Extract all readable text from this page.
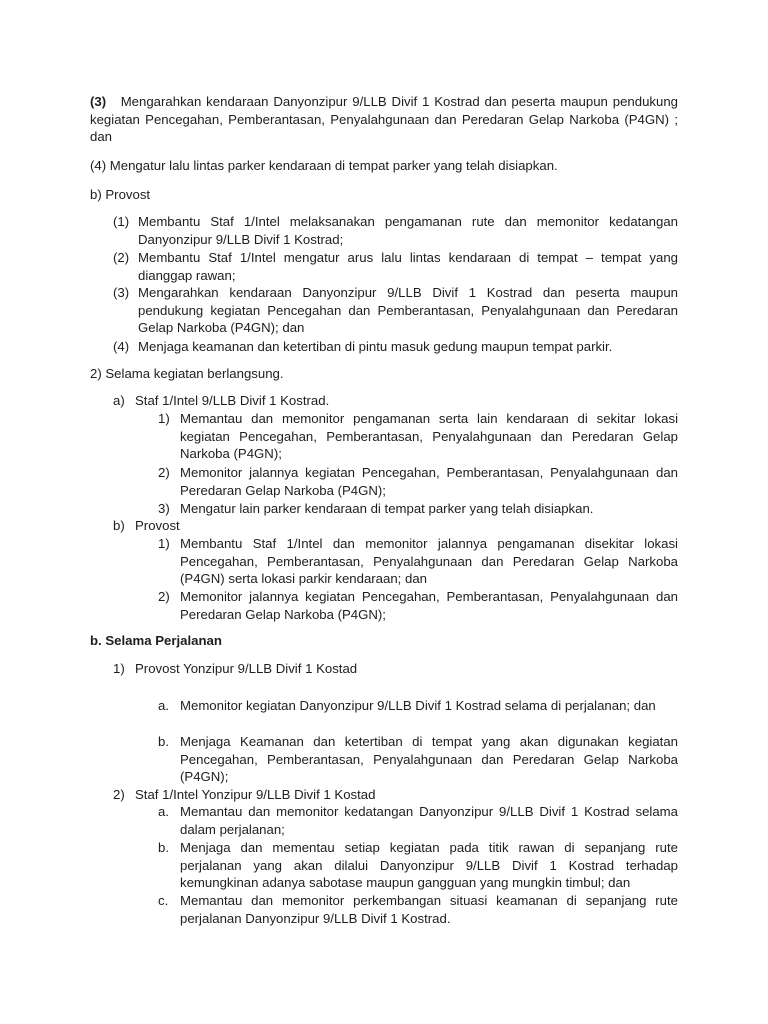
(3) Mengarahkan kendaraan Danyonzipur 9/LLB Divif 1 Kostrad dan peserta maupun pendukung kegiatan Pencegahan, Pemberantasan, Penyalahgunaan dan Peredaran Gelap Narkoba (P4GN) ; dan
(4) Mengatur lalu lintas parker kendaraan di tempat parker yang telah disiapkan.
b) Provost
(1) Membantu Staf 1/Intel melaksanakan pengamanan rute dan memonitor kedatangan Danyonzipur 9/LLB Divif 1 Kostrad;
(2) Membantu Staf 1/Intel mengatur arus lalu lintas kendaraan di tempat – tempat yang dianggap rawan;
(3) Mengarahkan kendaraan Danyonzipur 9/LLB Divif 1 Kostrad dan peserta maupun pendukung kegiatan Pencegahan dan Pemberantasan, Penyalahgunaan dan Peredaran Gelap Narkoba (P4GN); dan
(4) Menjaga keamanan dan ketertiban di pintu masuk gedung maupun tempat parkir.
2) Selama kegiatan berlangsung.
a) Staf 1/Intel 9/LLB Divif 1 Kostrad.
1) Memantau dan memonitor pengamanan serta lain kendaraan di sekitar lokasi kegiatan Pencegahan, Pemberantasan, Penyalahgunaan dan Peredaran Gelap Narkoba (P4GN);
2) Memonitor jalannya kegiatan Pencegahan, Pemberantasan, Penyalahgunaan dan Peredaran Gelap Narkoba (P4GN);
3) Mengatur lain parker kendaraan di tempat parker yang telah disiapkan.
b) Provost
1) Membantu Staf 1/Intel dan memonitor jalannya pengamanan disekitar lokasi Pencegahan, Pemberantasan, Penyalahgunaan dan Peredaran Gelap Narkoba (P4GN) serta lokasi parkir kendaraan; dan
2) Memonitor jalannya kegiatan Pencegahan, Pemberantasan, Penyalahgunaan dan Peredaran Gelap Narkoba (P4GN);
b. Selama Perjalanan
1) Provost Yonzipur 9/LLB Divif 1 Kostad
a. Memonitor kegiatan Danyonzipur 9/LLB Divif 1 Kostrad selama di perjalanan; dan
b. Menjaga Keamanan dan ketertiban di tempat yang akan digunakan kegiatan Pencegahan, Pemberantasan, Penyalahgunaan dan Peredaran Gelap Narkoba (P4GN);
2) Staf 1/Intel Yonzipur 9/LLB Divif 1 Kostad
a. Memantau dan memonitor kedatangan Danyonzipur 9/LLB Divif 1 Kostrad selama dalam perjalanan;
b. Menjaga dan mementau setiap kegiatan pada titik rawan di sepanjang rute perjalanan yang akan dilalui Danyonzipur 9/LLB Divif 1 Kostrad terhadap kemungkinan adanya sabotase maupun gangguan yang mungkin timbul; dan
c. Memantau dan memonitor perkembangan situasi keamanan di sepanjang rute perjalanan Danyonzipur 9/LLB Divif 1 Kostrad.
